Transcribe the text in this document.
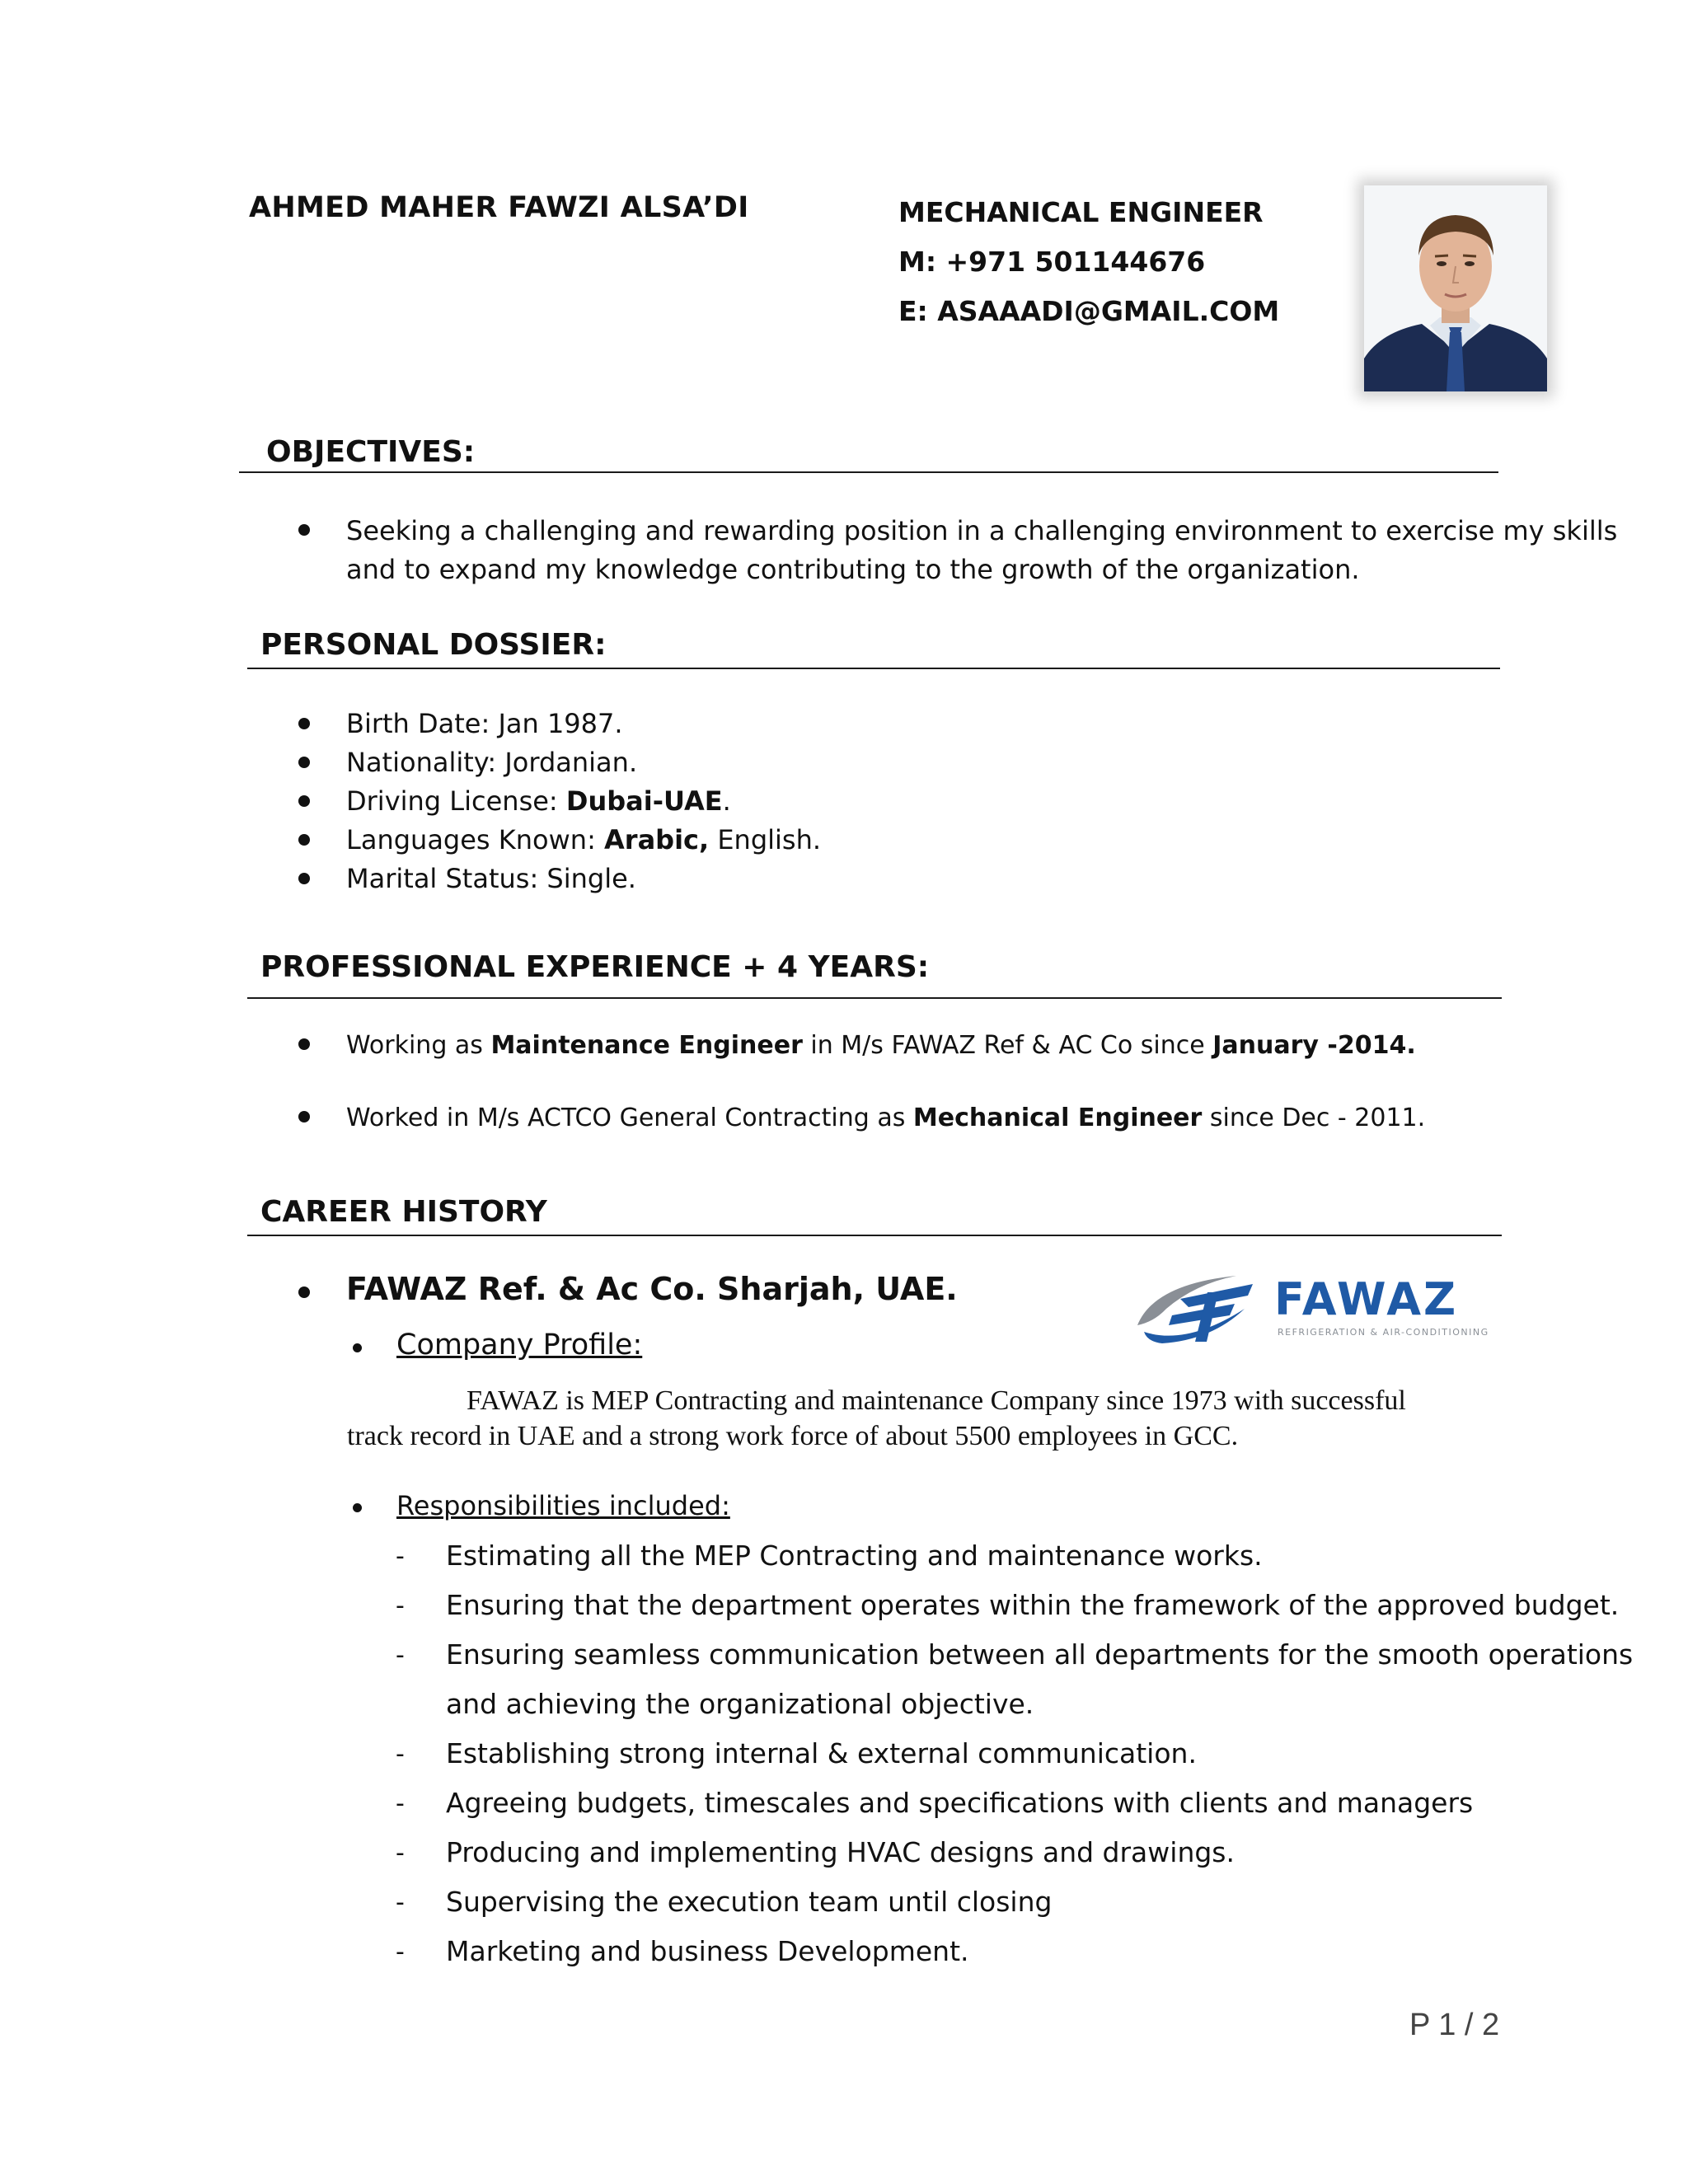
AHMED MAHER FAWZI ALSA’DI	MECHANICAL ENGINEER
M: +971 501144676
E: ASAAADI@GMAIL.COM
OBJECTIVES:
Seeking a challenging and rewarding position in a challenging environment to exercise my skills
and to expand my knowledge contributing to the growth of the organization.
PERSONAL DOSSIER:
Birth Date: Jan 1987.
Nationality: Jordanian.
Driving License: Dubai-UAE.
Languages Known: Arabic, English.
Marital Status: Single.
PROFESSIONAL EXPERIENCE + 4 YEARS:
Working as Maintenance Engineer in M/s FAWAZ Ref & AC Co since January -2014.
Worked in M/s ACTCO General Contracting as Mechanical Engineer since Dec - 2011.
CAREER HISTORY
FAWAZ Ref. & Ac Co. Sharjah, UAE.	FAWAZ
REFRIGERATION & AIR-CONDITIONING
Company Profile:
FAWAZ is MEP Contracting and maintenance Company since 1973 with successful
track record in UAE and a strong work force of about 5500 employees in GCC.
Responsibilities included:
- Estimating all the MEP Contracting and maintenance works.
- Ensuring that the department operates within the framework of the approved budget.
- Ensuring seamless communication between all departments for the smooth operations
and achieving the organizational objective.
- Establishing strong internal & external communication.
- Agreeing budgets, timescales and specifications with clients and managers
- Producing and implementing HVAC designs and drawings.
- Supervising the execution team until closing
- Marketing and business Development.
P 1 / 2
